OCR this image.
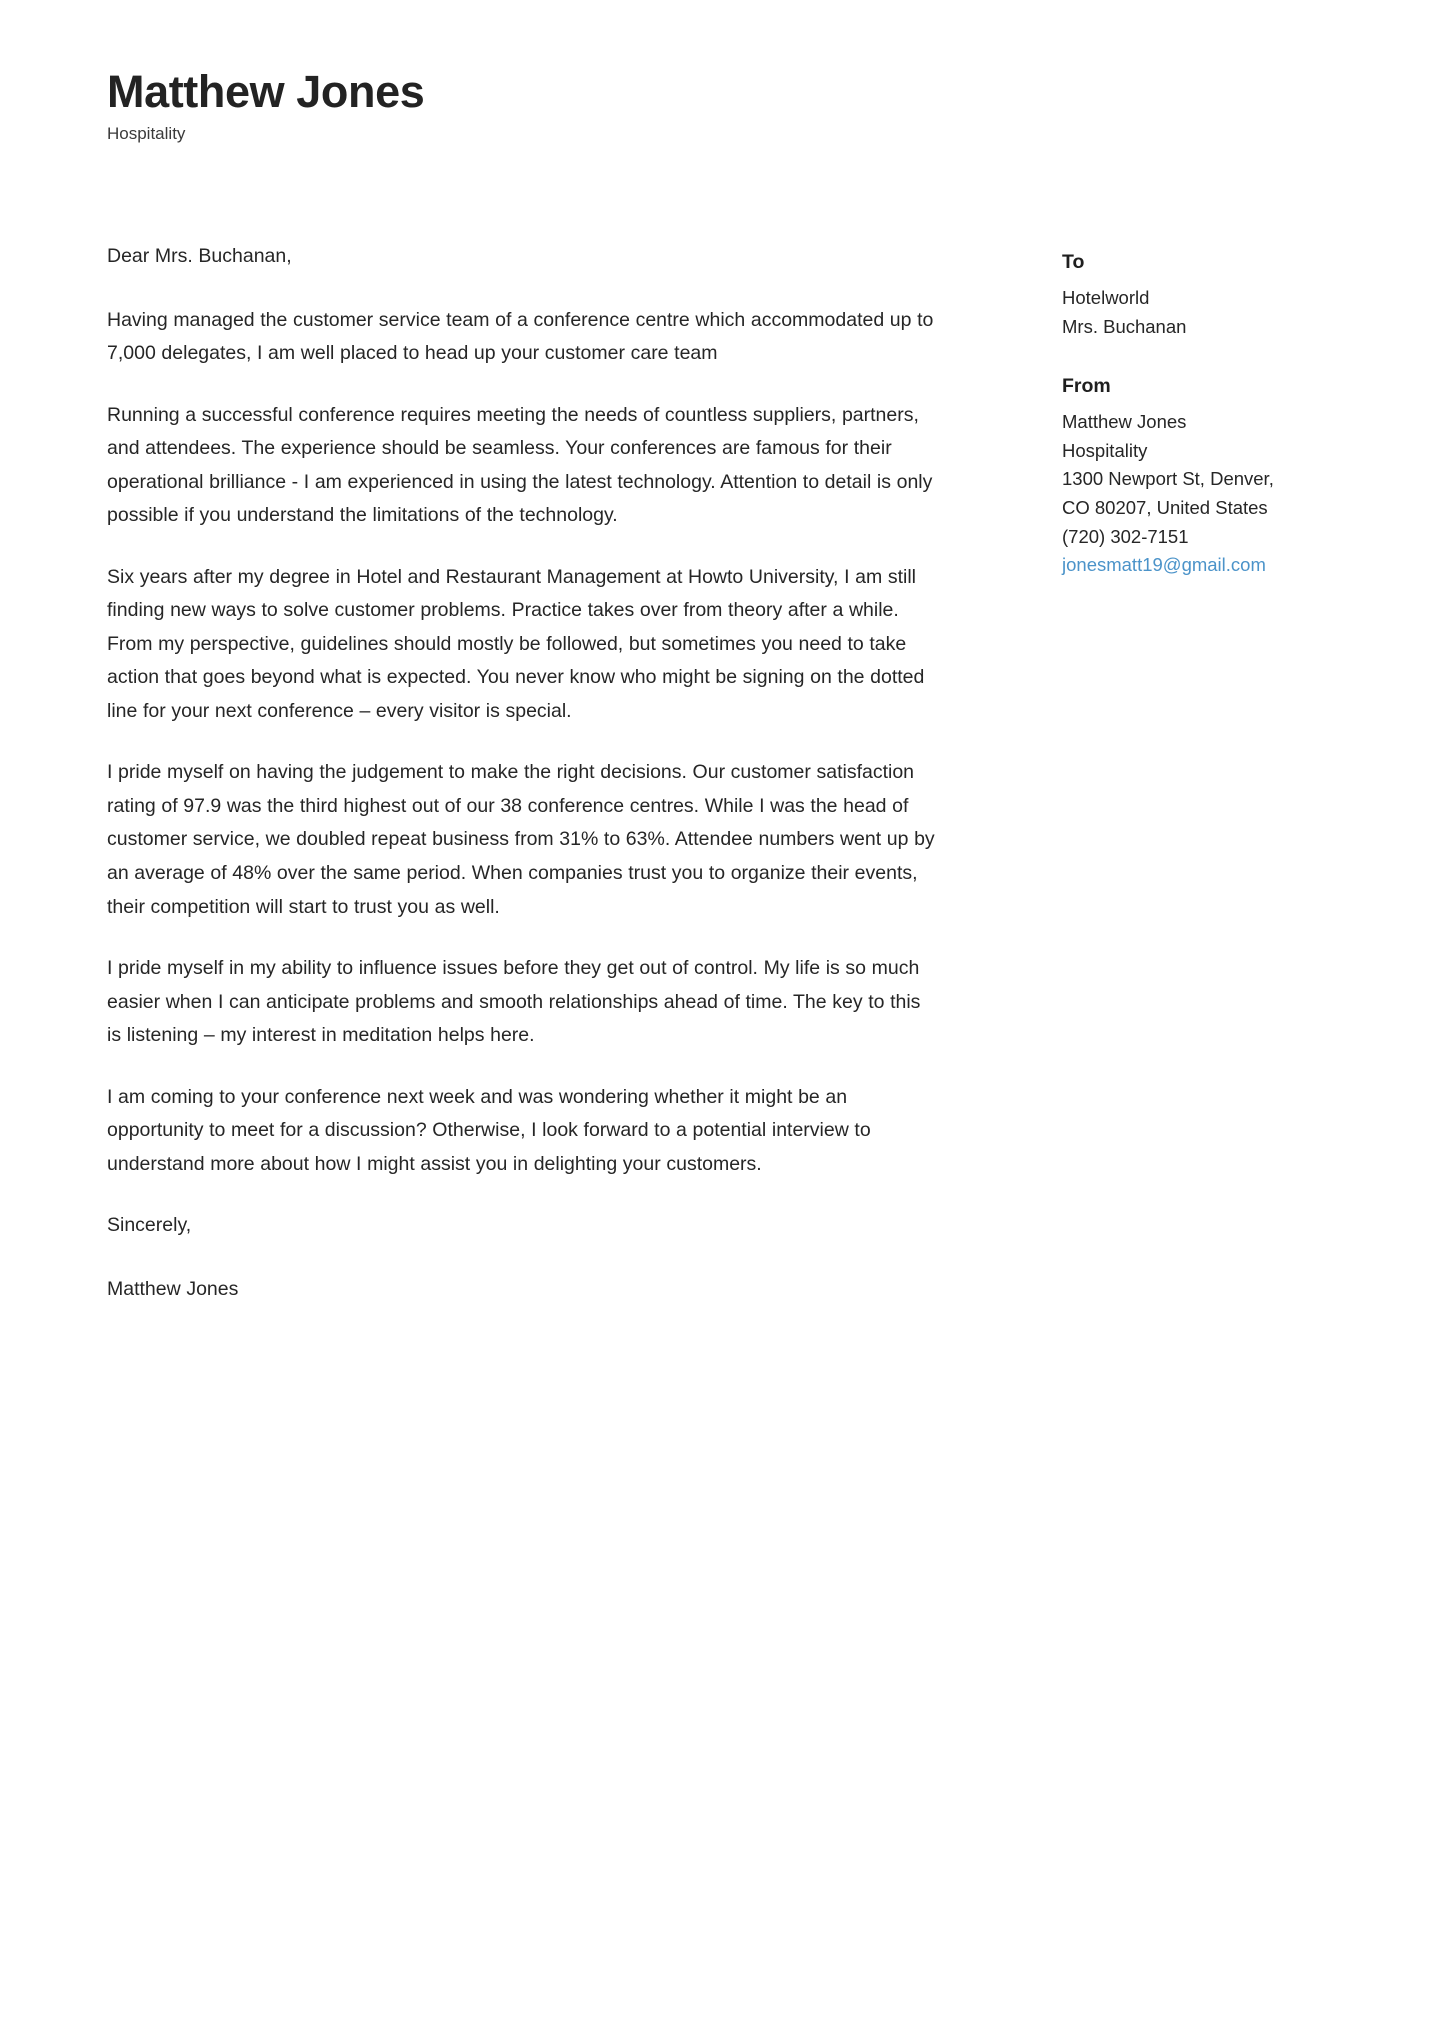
Matthew Jones
Hospitality

Dear Mrs. Buchanan,

Having managed the customer service team of a conference centre which accommodated up to 7,000 delegates, I am well placed to head up your customer care team

Running a successful conference requires meeting the needs of countless suppliers, partners, and attendees. The experience should be seamless. Your conferences are famous for their operational brilliance - I am experienced in using the latest technology. Attention to detail is only possible if you understand the limitations of the technology.

Six years after my degree in Hotel and Restaurant Management at Howto University, I am still finding new ways to solve customer problems. Practice takes over from theory after a while. From my perspective, guidelines should mostly be followed, but sometimes you need to take action that goes beyond what is expected. You never know who might be signing on the dotted line for your next conference – every visitor is special.

I pride myself on having the judgement to make the right decisions. Our customer satisfaction rating of 97.9 was the third highest out of our 38 conference centres. While I was the head of customer service, we doubled repeat business from 31% to 63%. Attendee numbers went up by an average of 48% over the same period. When companies trust you to organize their events, their competition will start to trust you as well.

I pride myself in my ability to influence issues before they get out of control. My life is so much easier when I can anticipate problems and smooth relationships ahead of time. The key to this is listening – my interest in meditation helps here.

I am coming to your conference next week and was wondering whether it might be an opportunity to meet for a discussion? Otherwise, I look forward to a potential interview to understand more about how I might assist you in delighting your customers.

Sincerely,

Matthew Jones

To
Hotelworld
Mrs. Buchanan
From
Matthew Jones
Hospitality
1300 Newport St, Denver,
CO 80207, United States
(720) 302-7151
jonesmatt19@gmail.com
